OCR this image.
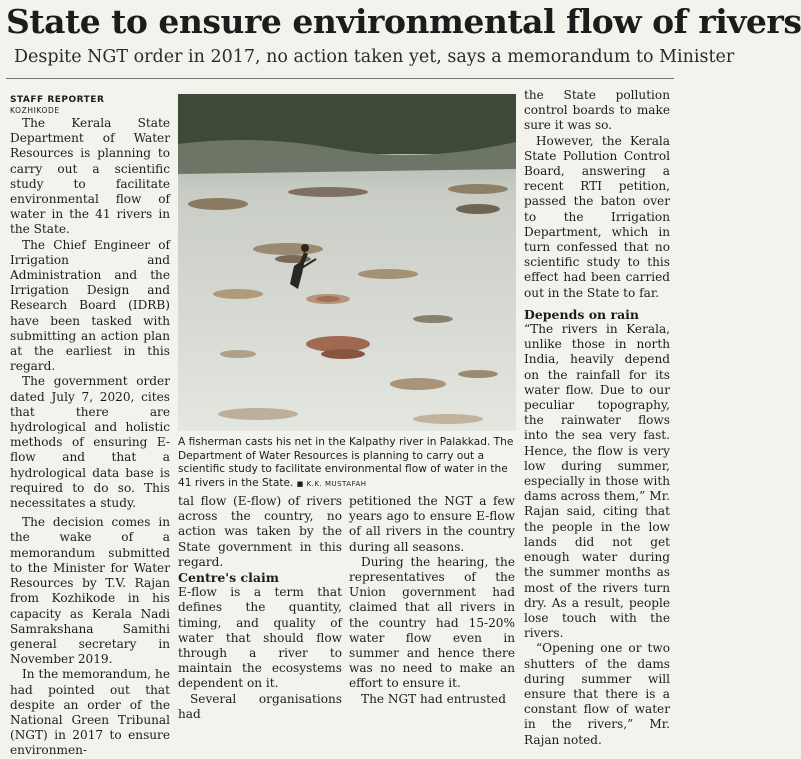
State to ensure environmental flow of rivers
Despite NGT order in 2017, no action taken yet, says a memorandum to Minister

STAFF REPORTER

KOZHIKODE

The Kerala State Department of Water Resources is planning to carry out a scientific study to facilitate environmental flow of water in the 41 rivers in the State.

The Chief Engineer of Irrigation and Administration and the Irrigation Design and Research Board (IDRB) have been tasked with submitting an action plan at the earliest in this regard.

The government order dated July 7, 2020, cites that there are hydrological and holistic methods of ensuring E-flow and that a hydrological data base is required to do so. This necessitates a study.

The decision comes in the wake of a memorandum submitted to the Minister for Water Resources by T.V. Rajan from Kozhikode in his capacity as Kerala Nadi Samrakshana Samithi general secretary in November 2019.

In the memorandum, he had pointed out that despite an order of the National Green Tribunal (NGT) in 2017 to ensure environmen-

A fisherman casts his net in the Kalpathy river in Palakkad. The Department of Water Resources is planning to carry out a scientific study to facilitate environmental flow of water in the 41 rivers in the State. ■ K.K. MUSTAFAH

tal flow (E-flow) of rivers across the country, no action was taken by the State government in this regard.

Centre's claim

E-flow is a term that defines the quantity, timing, and quality of water that should flow through a river to maintain the ecosystems dependent on it.

Several organisations had

petitioned the NGT a few years ago to ensure E-flow of all rivers in the country during all seasons.

During the hearing, the representatives of the Union government had claimed that all rivers in the country had 15-20% water flow even in summer and hence there was no need to make an effort to ensure it.

The NGT had entrusted

the State pollution control boards to make sure it was so.

However, the Kerala State Pollution Control Board, answering a recent RTI petition, passed the baton over to the Irrigation Department, which in turn confessed that no scientific study to this effect had been carried out in the State to far.

Depends on rain

“The rivers in Kerala, unlike those in north India, heavily depend on the rainfall for its water flow. Due to our peculiar topography, the rainwater flows into the sea very fast. Hence, the flow is very low during summer, especially in those with dams across them,” Mr. Rajan said, citing that the people in the low lands did not get enough water during the summer months as most of the rivers turn dry. As a result, people lose touch with the rivers.

“Opening one or two shutters of the dams during summer will ensure that there is a constant flow of water in the rivers,” Mr. Rajan noted.
